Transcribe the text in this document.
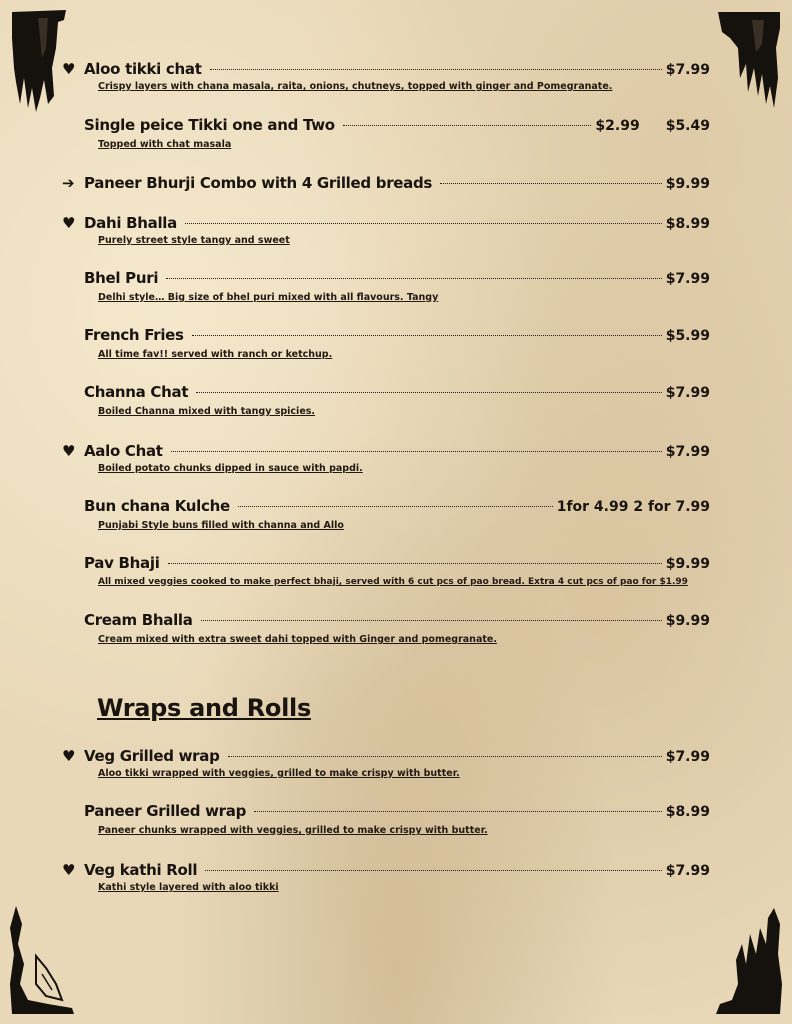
♥ Aloo tikki chat	$7.99
Crispy layers with chana masala, raita, onions, chutneys, topped with ginger and Pomegranate.
Single peice Tikki one and Two	$2.99 $5.49
Topped with chat masala
➔ Paneer Bhurji Combo with 4 Grilled breads	$9.99
♥ Dahi Bhalla	$8.99
Purely street style tangy and sweet
Bhel Puri	$7.99
Delhi style… Big size of bhel puri mixed with all flavours. Tangy
French Fries	$5.99
All time fav!! served with ranch or ketchup.
Channa Chat	$7.99
Boiled Channa mixed with tangy spicies.
♥ Aalo Chat	$7.99
Boiled potato chunks dipped in sauce with papdi.
Bun chana Kulche	1for 4.99 2 for 7.99
Punjabi Style buns filled with channa and Allo
Pav Bhaji	$9.99
All mixed veggies cooked to make perfect bhaji, served with 6 cut pcs of pao bread. Extra 4 cut pcs of pao for $1.99
Cream Bhalla	$9.99
Cream mixed with extra sweet dahi topped with Ginger and pomegranate.
Wraps and Rolls
♥ Veg Grilled wrap	$7.99
Aloo tikki wrapped with veggies, grilled to make crispy with butter.
Paneer Grilled wrap	$8.99
Paneer chunks wrapped with veggies, grilled to make crispy with butter.
♥ Veg kathi Roll	$7.99
Kathi style layered with aloo tikki
